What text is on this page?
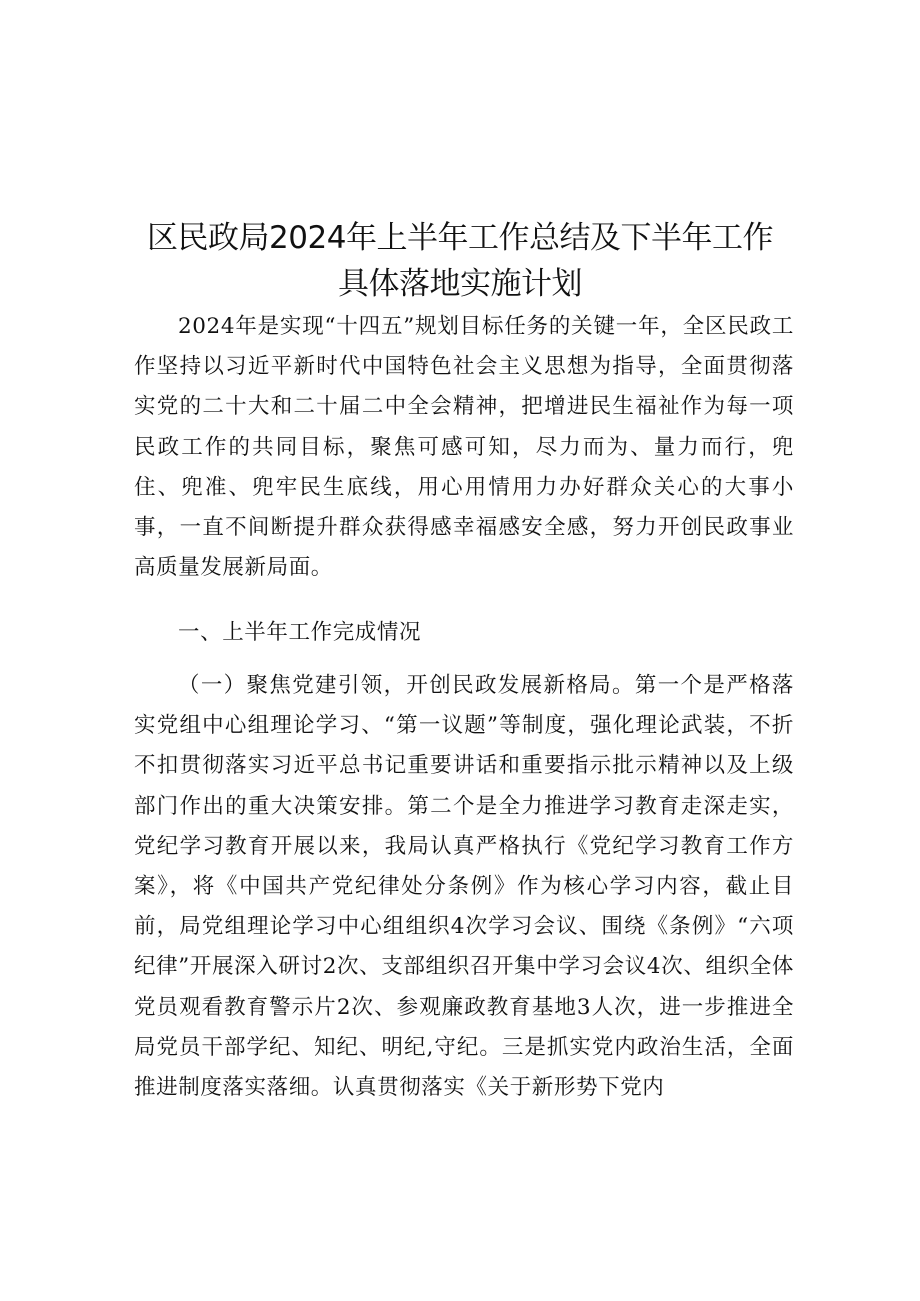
区民政局2024年上半年工作总结及下半年工作
具体落地实施计划

2024年是实现“十四五”规划目标任务的关键一年，全区民政工作坚持以习近平新时代中国特色社会主义思想为指导，全面贯彻落实党的二十大和二十届二中全会精神，把增进民生福祉作为每一项民政工作的共同目标，聚焦可感可知，尽力而为、量力而行，兜住、兜准、兜牢民生底线，用心用情用力办好群众关心的大事小事，一直不间断提升群众获得感幸福感安全感，努力开创民政事业高质量发展新局面。

一、上半年工作完成情况

（一）聚焦党建引领，开创民政发展新格局。第一个是严格落实党组中心组理论学习、“第一议题”等制度，强化理论武装，不折不扣贯彻落实习近平总书记重要讲话和重要指示批示精神以及上级部门作出的重大决策安排。第二个是全力推进学习教育走深走实，党纪学习教育开展以来，我局认真严格执行《党纪学习教育工作方案》，将《中国共产党纪律处分条例》作为核心学习内容，截止目前，局党组理论学习中心组组织4次学习会议、围绕《条例》“六项纪律”开展深入研讨2次、支部组织召开集中学习会议4次、组织全体党员观看教育警示片2次、参观廉政教育基地3人次，进一步推进全局党员干部学纪、知纪、明纪,守纪。三是抓实党内政治生活，全面推进制度落实落细。认真贯彻落实《关于新形势下党内
